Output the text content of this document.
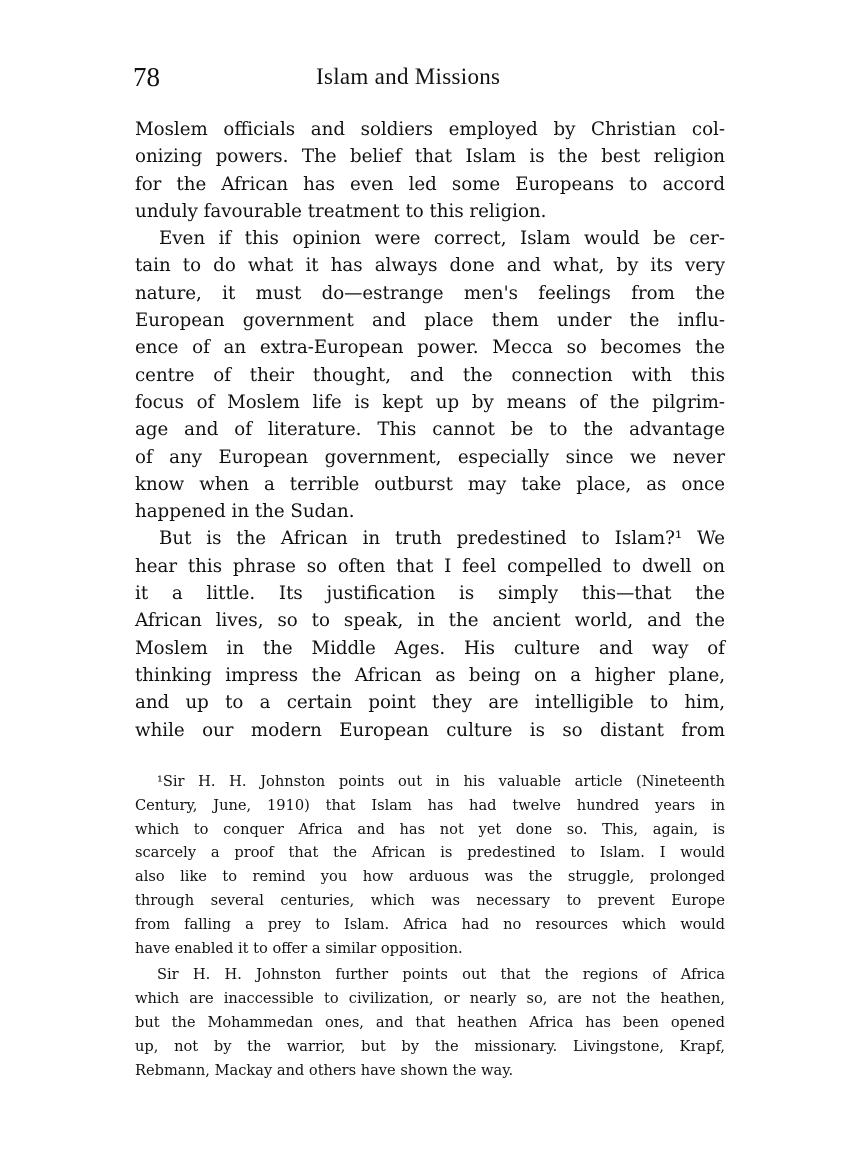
78	Islam and Missions
Moslem officials and soldiers employed by Christian col-
onizing powers. The belief that Islam is the best religion
for the African has even led some Europeans to accord
unduly favourable treatment to this religion.
Even if this opinion were correct, Islam would be cer-
tain to do what it has always done and what, by its very
nature, it must do—estrange men's feelings from the
European government and place them under the influ-
ence of an extra-European power. Mecca so becomes the
centre of their thought, and the connection with this
focus of Moslem life is kept up by means of the pilgrim-
age and of literature. This cannot be to the advantage
of any European government, especially since we never
know when a terrible outburst may take place, as once
happened in the Sudan.
But is the African in truth predestined to Islam?¹ We
hear this phrase so often that I feel compelled to dwell on
it a little. Its justification is simply this—that the
African lives, so to speak, in the ancient world, and the
Moslem in the Middle Ages. His culture and way of
thinking impress the African as being on a higher plane,
and up to a certain point they are intelligible to him,
while our modern European culture is so distant from
¹Sir H. H. Johnston points out in his valuable article (Nineteenth
Century, June, 1910) that Islam has had twelve hundred years in
which to conquer Africa and has not yet done so. This, again, is
scarcely a proof that the African is predestined to Islam. I would
also like to remind you how arduous was the struggle, prolonged
through several centuries, which was necessary to prevent Europe
from falling a prey to Islam. Africa had no resources which would
have enabled it to offer a similar opposition.
Sir H. H. Johnston further points out that the regions of Africa
which are inaccessible to civilization, or nearly so, are not the heathen,
but the Mohammedan ones, and that heathen Africa has been opened
up, not by the warrior, but by the missionary. Livingstone, Krapf,
Rebmann, Mackay and others have shown the way.
